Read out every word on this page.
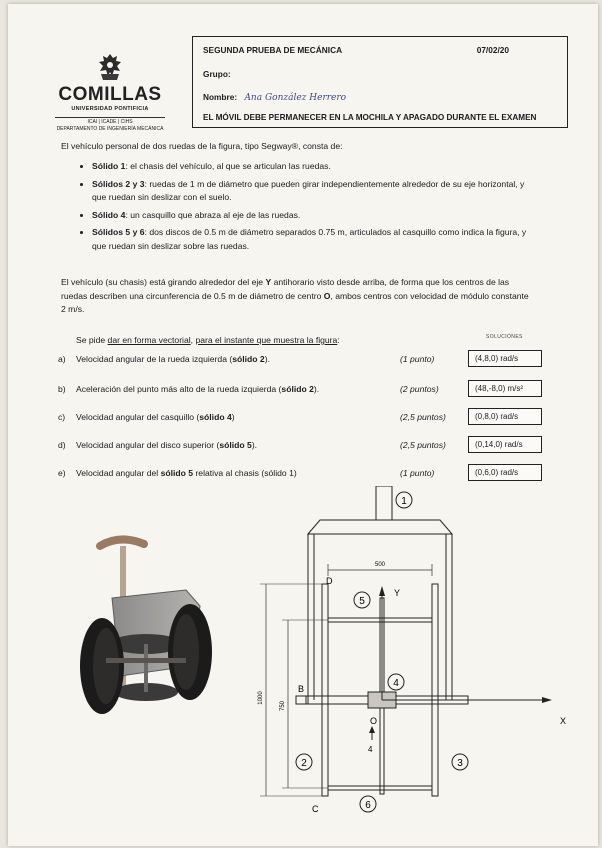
COMILLAS
UNIVERSIDAD PONTIFICIA
ICAI | ICADE | CIHS
DEPARTAMENTO DE INGENIERÍA MECÁNICA
SEGUNDA PRUEBA DE MECÁNICA	07/02/20
Grupo:
Nombre: Ana González Herrero
EL MÓVIL DEBE PERMANECER EN LA MOCHILA Y APAGADO DURANTE EL EXAMEN
El vehículo personal de dos ruedas de la figura, tipo Segway®, consta de:
• Sólido 1: el chasis del vehículo, al que se articulan las ruedas.
• Sólidos 2 y 3: ruedas de 1 m de diámetro que pueden girar independientemente alrededor de su eje horizontal, y que ruedan sin deslizar con el suelo.
• Sólido 4: un casquillo que abraza al eje de las ruedas.
• Sólidos 5 y 6: dos discos de 0.5 m de diámetro separados 0.75 m, articulados al casquillo como indica la figura, y que ruedan sin deslizar sobre las ruedas.
El vehículo (su chasis) está girando alrededor del eje Y antihorario visto desde arriba, de forma que los centros de las ruedas describen una circunferencia de 0.5 m de diámetro de centro O, ambos centros con velocidad de módulo constante 2 m/s.
Se pide dar en forma vectorial, para el instante que muestra la figura:	SOLUCIONES
a) Velocidad angular de la rueda izquierda (sólido 2).	(1 punto)	(4,8,0) rad/s
b) Aceleración del punto más alto de la rueda izquierda (sólido 2).	(2 puntos)	(48,-8,0) m/s²
c) Velocidad angular del casquillo (sólido 4)	(2,5 puntos)	(0,8,0) rad/s
d) Velocidad angular del disco superior (sólido 5).	(2,5 puntos)	(0,14,0) rad/s
e) Velocidad angular del sólido 5 relativa al chasis (sólido 1)	(1 punto)	(0,6,0) rad/s
1
Y
X
O
4
B
C
D
5
4
2	3
6
500
1000
750
